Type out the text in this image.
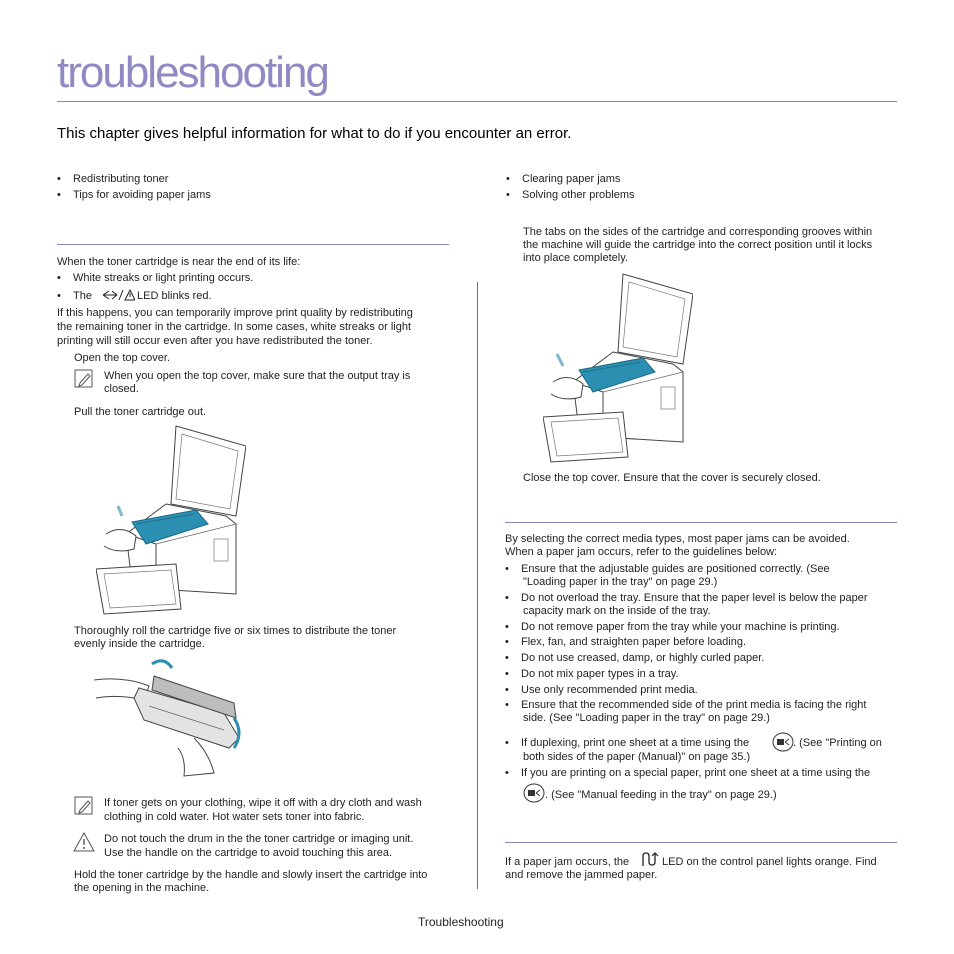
troubleshooting
This chapter gives helpful information for what to do if you encounter an error.
• Redistributing toner
• Tips for avoiding paper jams
• Clearing paper jams
• Solving other problems
When the toner cartridge is near the end of its life:
• White streaks or light printing occurs.
• The	LED blinks red.
If this happens, you can temporarily improve print quality by redistributing
the remaining toner in the cartridge. In some cases, white streaks or light
printing will still occur even after you have redistributed the toner.
Open the top cover.
When you open the top cover, make sure that the output tray is
closed.
Pull the toner cartridge out.
Thoroughly roll the cartridge five or six times to distribute the toner
evenly inside the cartridge.
If toner gets on your clothing, wipe it off with a dry cloth and wash
clothing in cold water. Hot water sets toner into fabric.
Do not touch the drum in the the toner cartridge or imaging unit.
Use the handle on the cartridge to avoid touching this area.
Hold the toner cartridge by the handle and slowly insert the cartridge into
the opening in the machine.
The tabs on the sides of the cartridge and corresponding grooves within
the machine will guide the cartridge into the correct position until it locks
into place completely.
Close the top cover. Ensure that the cover is securely closed.
By selecting the correct media types, most paper jams can be avoided.
When a paper jam occurs, refer to the guidelines below:
• Ensure that the adjustable guides are positioned correctly. (See
"Loading paper in the tray" on page 29.)
• Do not overload the tray. Ensure that the paper level is below the paper
capacity mark on the inside of the tray.
• Do not remove paper from the tray while your machine is printing.
• Flex, fan, and straighten paper before loading.
• Do not use creased, damp, or highly curled paper.
• Do not mix paper types in a tray.
• Use only recommended print media.
• Ensure that the recommended side of the print media is facing the right
side. (See "Loading paper in the tray" on page 29.)
• If duplexing, print one sheet at a time using the	. (See "Printing on
both sides of the paper (Manual)" on page 35.)
• If you are printing on a special paper, print one sheet at a time using the
. (See "Manual feeding in the tray" on page 29.)
If a paper jam occurs, the	LED on the control panel lights orange. Find
and remove the jammed paper.
Troubleshooting
